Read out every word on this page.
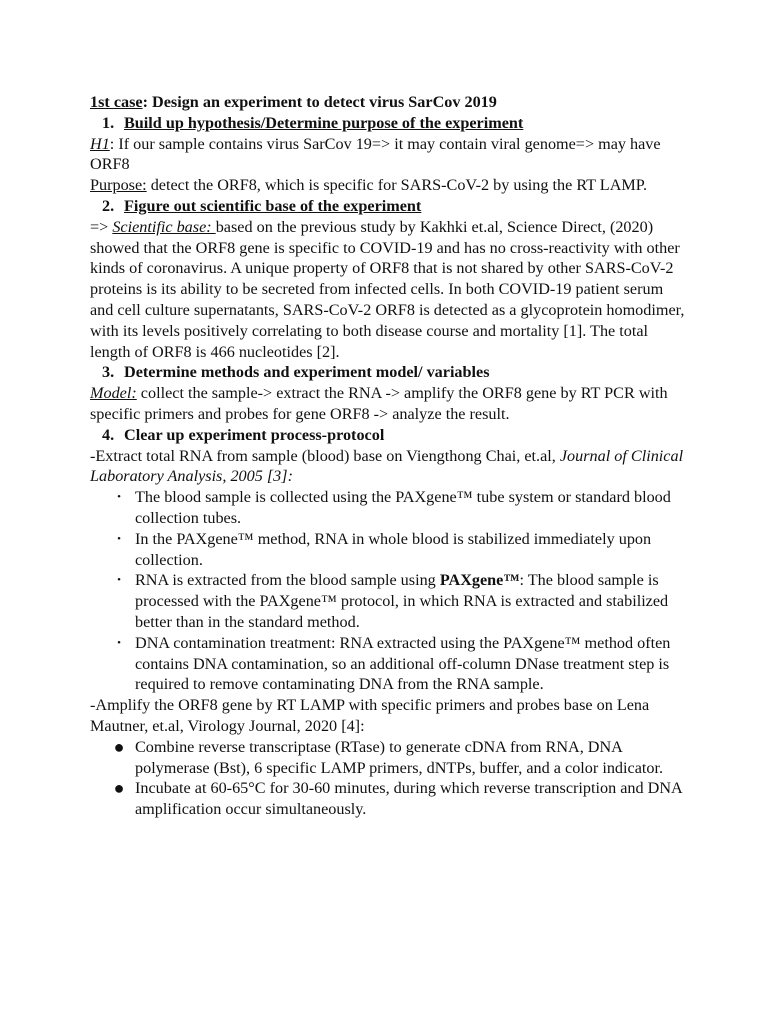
1st case: Design an experiment to detect virus SarCov 2019

1. Build up hypothesis/Determine purpose of the experiment

H1: If our sample contains virus SarCov 19=> it may contain viral genome=> may have ORF8

Purpose: detect the ORF8, which is specific for SARS-CoV-2 by using the RT LAMP.

2. Figure out scientific base of the experiment

=> Scientific base: based on the previous study by Kakhki et.al, Science Direct, (2020) showed that the ORF8 gene is specific to COVID-19 and has no cross-reactivity with other kinds of coronavirus. A unique property of ORF8 that is not shared by other SARS-CoV-2 proteins is its ability to be secreted from infected cells. In both COVID-19 patient serum and cell culture supernatants, SARS-CoV-2 ORF8 is detected as a glycoprotein homodimer, with its levels positively correlating to both disease course and mortality [1]. The total length of ORF8 is 466 nucleotides [2].

3. Determine methods and experiment model/ variables

Model: collect the sample-> extract the RNA -> amplify the ORF8 gene by RT PCR with specific primers and probes for gene ORF8 -> analyze the result.

4. Clear up experiment process-protocol

-Extract total RNA from sample (blood) base on Viengthong Chai, et.al, Journal of Clinical Laboratory Analysis, 2005 [3]:

• The blood sample is collected using the PAXgene™ tube system or standard blood collection tubes.
• In the PAXgene™ method, RNA in whole blood is stabilized immediately upon collection.
• RNA is extracted from the blood sample using PAXgene™: The blood sample is processed with the PAXgene™ protocol, in which RNA is extracted and stabilized better than in the standard method.
• DNA contamination treatment: RNA extracted using the PAXgene™ method often contains DNA contamination, so an additional off-column DNase treatment step is required to remove contaminating DNA from the RNA sample.

-Amplify the ORF8 gene by RT LAMP with specific primers and probes base on Lena Mautner, et.al, Virology Journal, 2020 [4]:

● Combine reverse transcriptase (RTase) to generate cDNA from RNA, DNA polymerase (Bst), 6 specific LAMP primers, dNTPs, buffer, and a color indicator.
● Incubate at 60-65°C for 30-60 minutes, during which reverse transcription and DNA amplification occur simultaneously.
